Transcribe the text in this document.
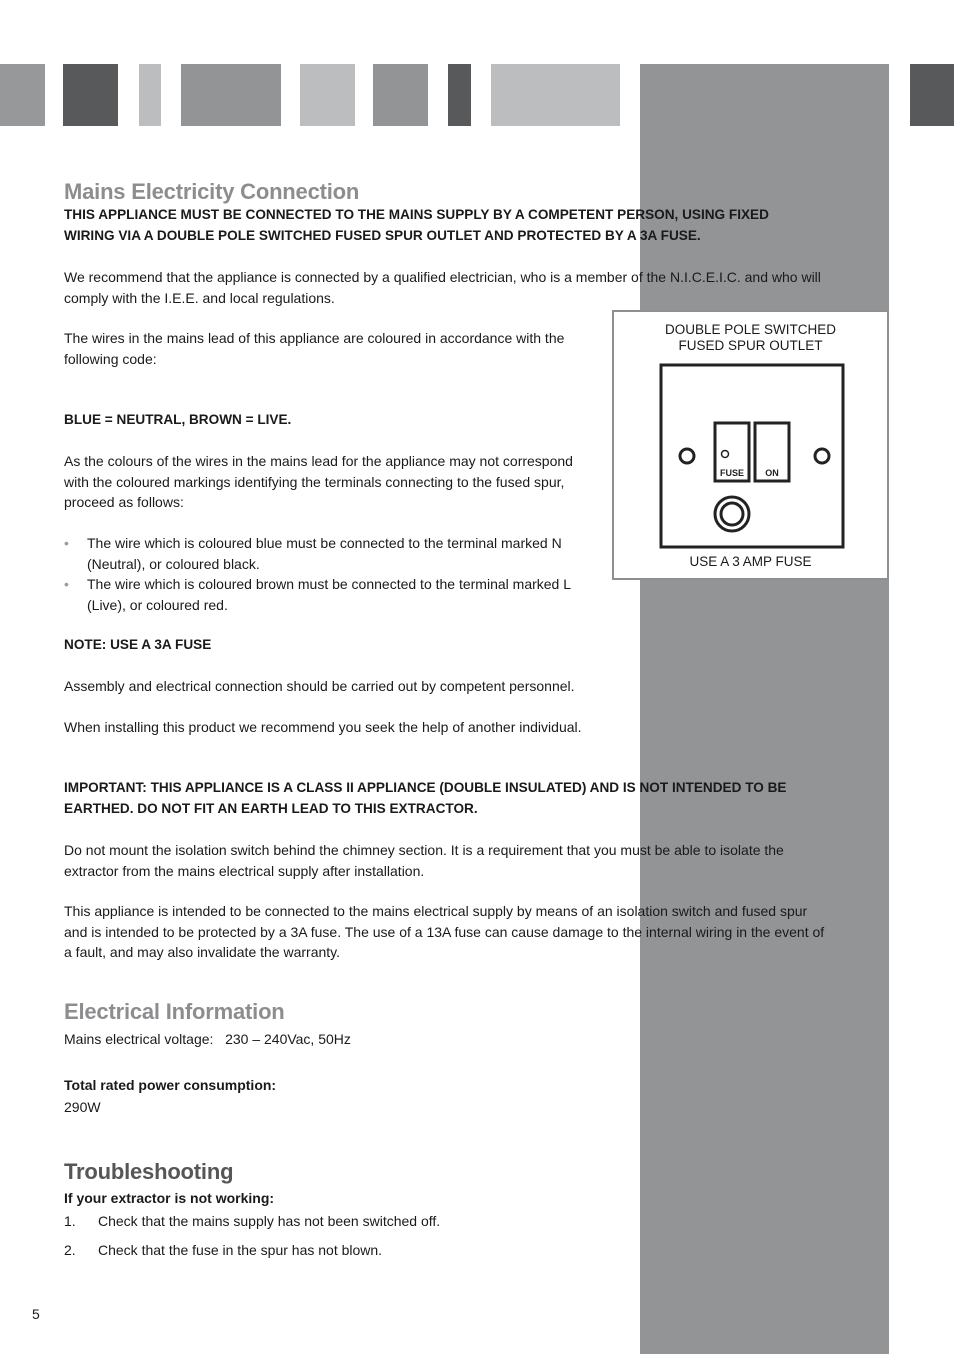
Mains Electricity Connection

THIS APPLIANCE MUST BE CONNECTED TO THE MAINS SUPPLY BY A COMPETENT PERSON, USING FIXED

WIRING VIA A DOUBLE POLE SWITCHED FUSED SPUR OUTLET AND PROTECTED BY A 3A FUSE.

We recommend that the appliance is connected by a qualified electrician, who is a member of the N.I.C.E.I.C. and who will comply with the I.E.E. and local regulations.

The wires in the mains lead of this appliance are coloured in accordance with the following code:

BLUE = NEUTRAL, BROWN = LIVE.

As the colours of the wires in the mains lead for the appliance may not correspond with the coloured markings identifying the terminals connecting to the fused spur, proceed as follows:

• The wire which is coloured blue must be connected to the terminal marked N (Neutral), or coloured black.
• The wire which is coloured brown must be connected to the terminal marked L (Live), or coloured red.

NOTE: USE A 3A FUSE

Assembly and electrical connection should be carried out by competent personnel.

When installing this product we recommend you seek the help of another individual.

IMPORTANT: THIS APPLIANCE IS A CLASS II APPLIANCE (DOUBLE INSULATED) AND IS NOT INTENDED TO BE EARTHED. DO NOT FIT AN EARTH LEAD TO THIS EXTRACTOR.

Do not mount the isolation switch behind the chimney section. It is a requirement that you must be able to isolate the extractor from the mains electrical supply after installation.

This appliance is intended to be connected to the mains electrical supply by means of an isolation switch and fused spur and is intended to be protected by a 3A fuse. The use of a 13A fuse can cause damage to the internal wiring in the event of a fault, and may also invalidate the warranty.

DOUBLE POLE SWITCHED
FUSED SPUR OUTLET
FUSE ON
USE A 3 AMP FUSE
Electrical Information

Mains electrical voltage:   230 – 240Vac, 50Hz

Total rated power consumption:

290W

Troubleshooting

If your extractor is not working:

1. Check that the mains supply has not been switched off.
2. Check that the fuse in the spur has not blown.
5
